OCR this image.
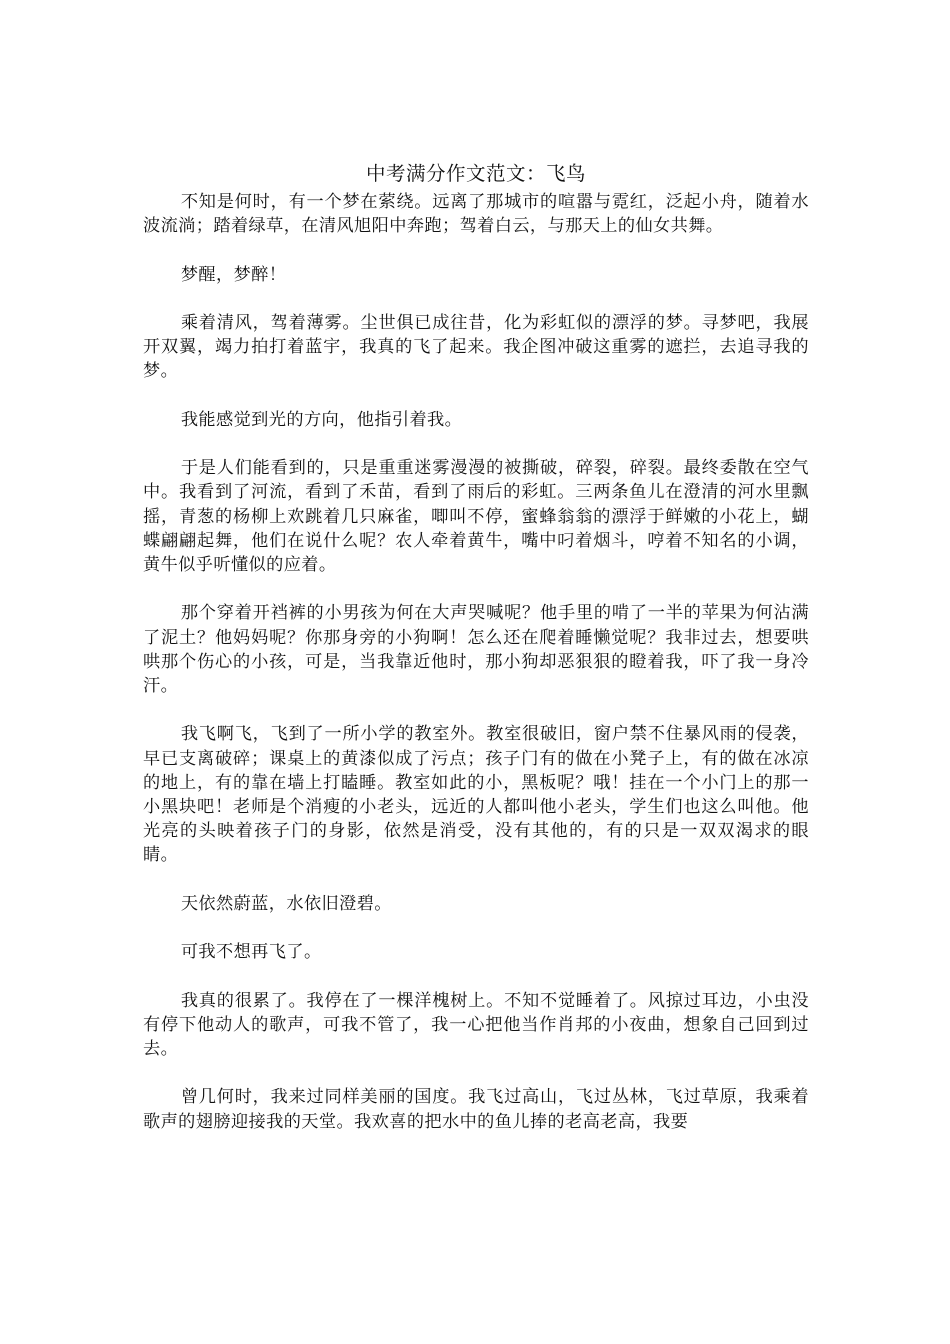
中考满分作文范文：飞鸟

不知是何时，有一个梦在萦绕。远离了那城市的喧嚣与霓红，泛起小舟，随着水波流淌；踏着绿草，在清风旭阳中奔跑；驾着白云，与那天上的仙女共舞。

梦醒，梦醉！

乘着清风，驾着薄雾。尘世俱已成往昔，化为彩虹似的漂浮的梦。寻梦吧，我展开双翼，竭力拍打着蓝宇，我真的飞了起来。我企图冲破这重雾的遮拦，去追寻我的梦。

我能感觉到光的方向，他指引着我。

于是人们能看到的，只是重重迷雾漫漫的被撕破，碎裂，碎裂。最终委散在空气中。我看到了河流，看到了禾苗，看到了雨后的彩虹。三两条鱼儿在澄清的河水里飘摇，青葱的杨柳上欢跳着几只麻雀，唧叫不停，蜜蜂翁翁的漂浮于鲜嫩的小花上，蝴蝶翩翩起舞，他们在说什么呢？农人牵着黄牛，嘴中叼着烟斗，哼着不知名的小调，黄牛似乎听懂似的应着。

那个穿着开裆裤的小男孩为何在大声哭喊呢？他手里的啃了一半的苹果为何沾满了泥土？他妈妈呢？你那身旁的小狗啊！怎么还在爬着睡懒觉呢？我非过去，想要哄哄那个伤心的小孩，可是，当我靠近他时，那小狗却恶狠狠的瞪着我，吓了我一身冷汗。

我飞啊飞，飞到了一所小学的教室外。教室很破旧，窗户禁不住暴风雨的侵袭，早已支离破碎；课桌上的黄漆似成了污点；孩子门有的做在小凳子上，有的做在冰凉的地上，有的靠在墙上打瞌睡。教室如此的小，黑板呢？哦！挂在一个小门上的那一小黑块吧！老师是个消瘦的小老头，远近的人都叫他小老头，学生们也这么叫他。他光亮的头映着孩子门的身影，依然是消受，没有其他的，有的只是一双双渴求的眼睛。

天依然蔚蓝，水依旧澄碧。

可我不想再飞了。

我真的很累了。我停在了一棵洋槐树上。不知不觉睡着了。风掠过耳边，小虫没有停下他动人的歌声，可我不管了，我一心把他当作肖邦的小夜曲，想象自己回到过去。

曾几何时，我来过同样美丽的国度。我飞过高山，飞过丛林，飞过草原，我乘着歌声的翅膀迎接我的天堂。我欢喜的把水中的鱼儿捧的老高老高，我要
